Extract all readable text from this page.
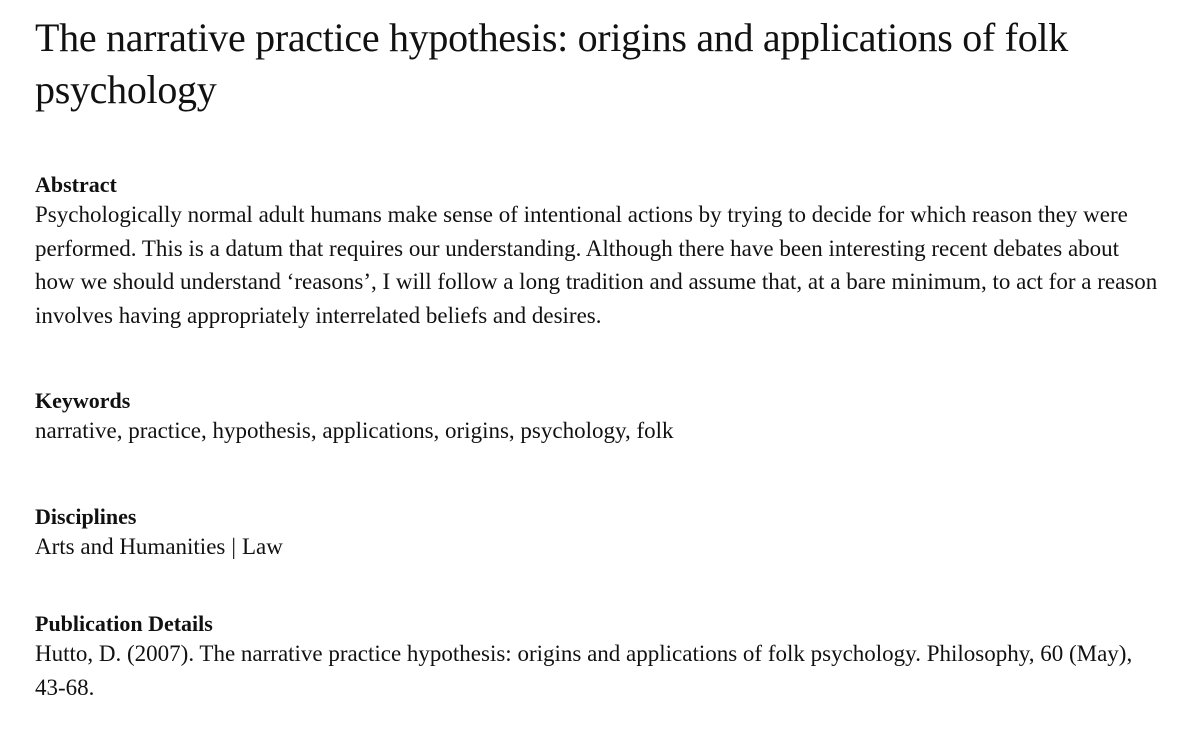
The narrative practice hypothesis: origins and applications of folk psychology

Abstract

Psychologically normal adult humans make sense of intentional actions by trying to decide for which reason they were performed. This is a datum that requires our understanding. Although there have been interesting recent debates about how we should understand ‘reasons’, I will follow a long tradition and assume that, at a bare minimum, to act for a reason involves having appropriately interrelated beliefs and desires.

Keywords

narrative, practice, hypothesis, applications, origins, psychology, folk

Disciplines

Arts and Humanities | Law

Publication Details

Hutto, D. (2007). The narrative practice hypothesis: origins and applications of folk psychology. Philosophy, 60 (May), 43-68.
